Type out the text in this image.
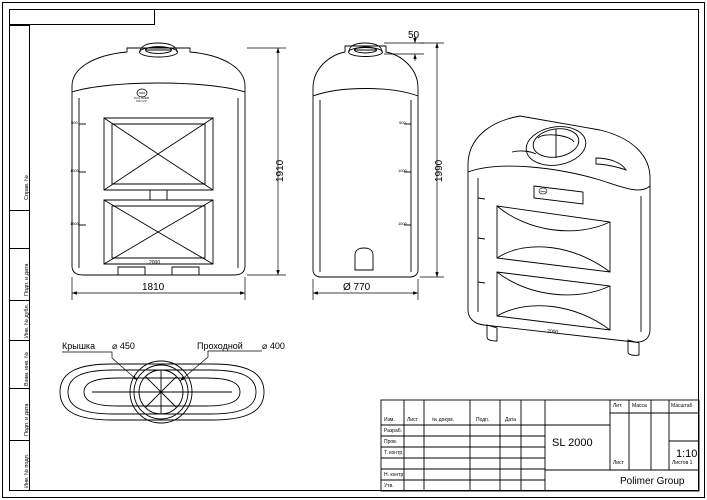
Справ. №
Подп. и дата
Инв. № дубл.
Взам. инв. №
Подп. и дата
Инв. № подл.
1910
1810
500
1000
1500
2000
POLIMER
GROUP
1990
50
Ø 770
500
1000
1500
2000
Крышка ⌀ 450	Проходной ⌀ 400
Изм. Лист	№ докум.	Подп.	Дата
Разраб.
Пров.
Т. контр.
Н. контр.
Утв.
SL 2000
Лит. Масса	Масштаб
1:10
Лист	Листов 1
Polimer Group
